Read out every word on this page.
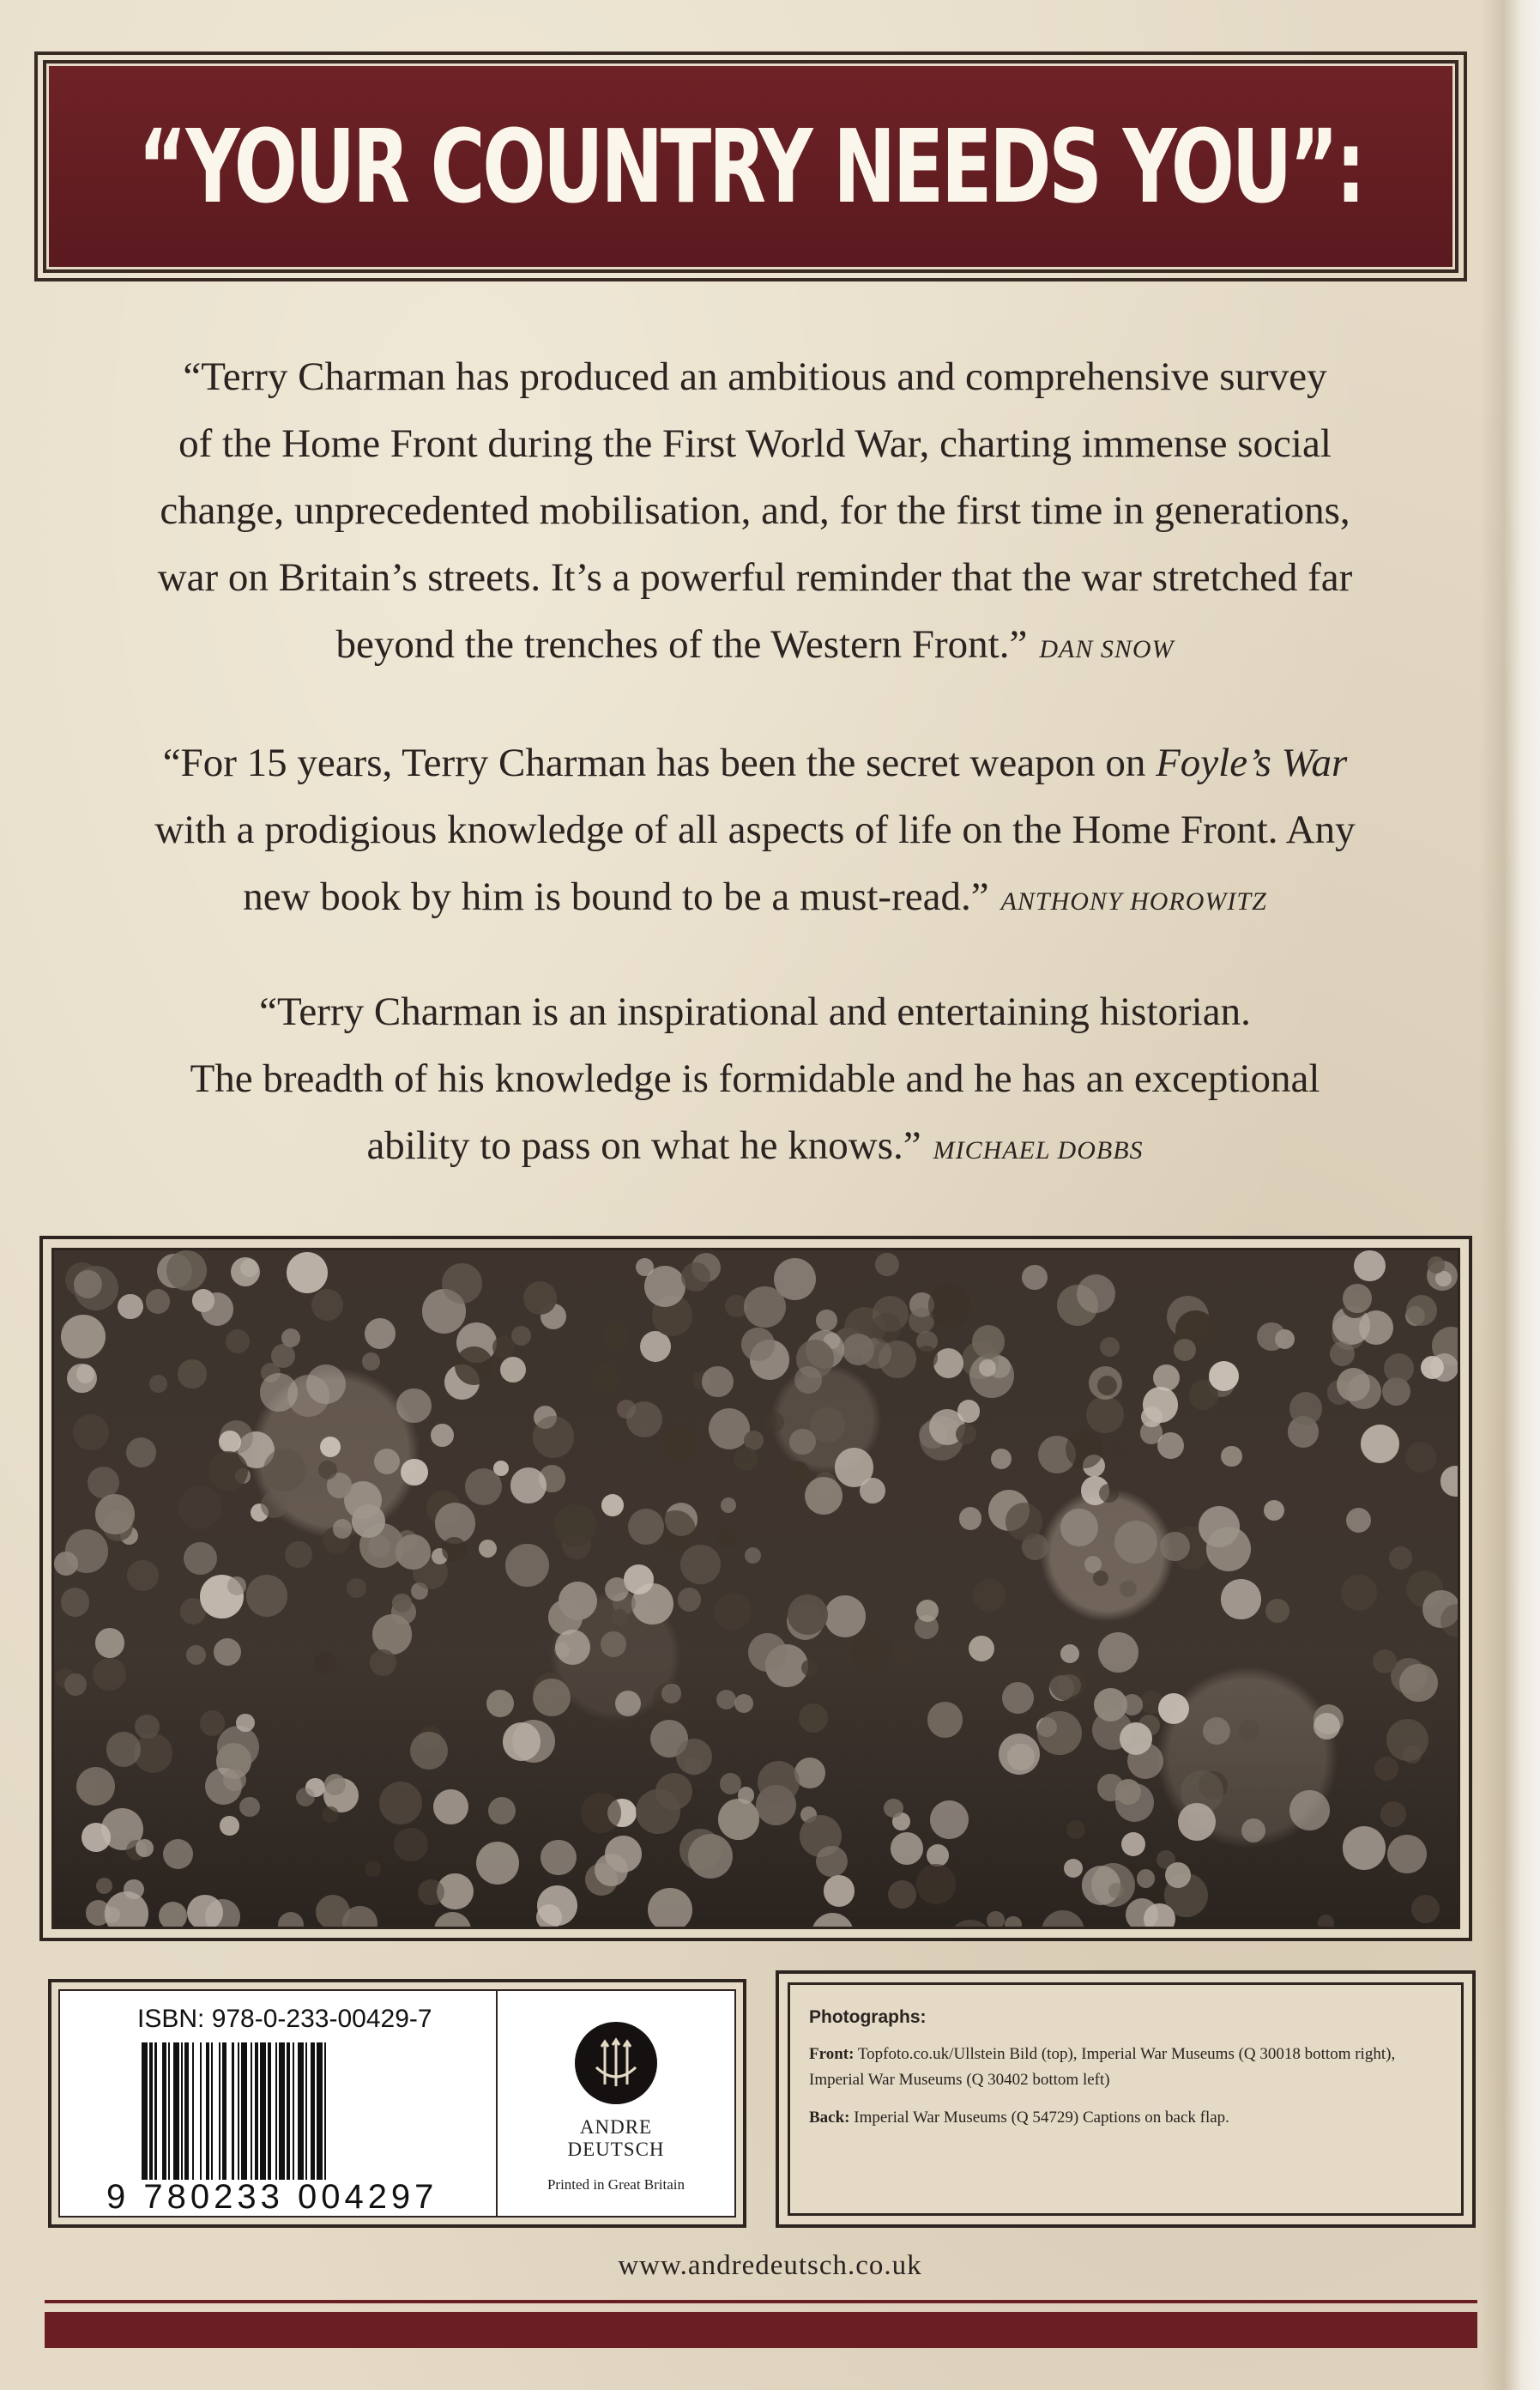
“YOUR COUNTRY NEEDS YOU”:
“Terry Charman has produced an ambitious and comprehensive survey
of the Home Front during the First World War, charting immense social
change, unprecedented mobilisation, and, for the first time in generations,
war on Britain’s streets. It’s a powerful reminder that the war stretched far
beyond the trenches of the Western Front.” DAN SNOW
“For 15 years, Terry Charman has been the secret weapon on Foyle’s War
with a prodigious knowledge of all aspects of life on the Home Front. Any
new book by him is bound to be a must-read.” ANTHONY HOROWITZ
“Terry Charman is an inspirational and entertaining historian.
The breadth of his knowledge is formidable and he has an exceptional
ability to pass on what he knows.” MICHAEL DOBBS
ISBN: 978-0-233-00429-7
9 780233 004297
ANDRE
DEUTSCH
Printed in Great Britain
Photographs:
Front: Topfoto.co.uk/Ullstein Bild (top), Imperial War Museums (Q 30018 bottom right), Imperial War Museums (Q 30402 bottom left)
Back: Imperial War Museums (Q 54729) Captions on back flap.
www.andredeutsch.co.uk
